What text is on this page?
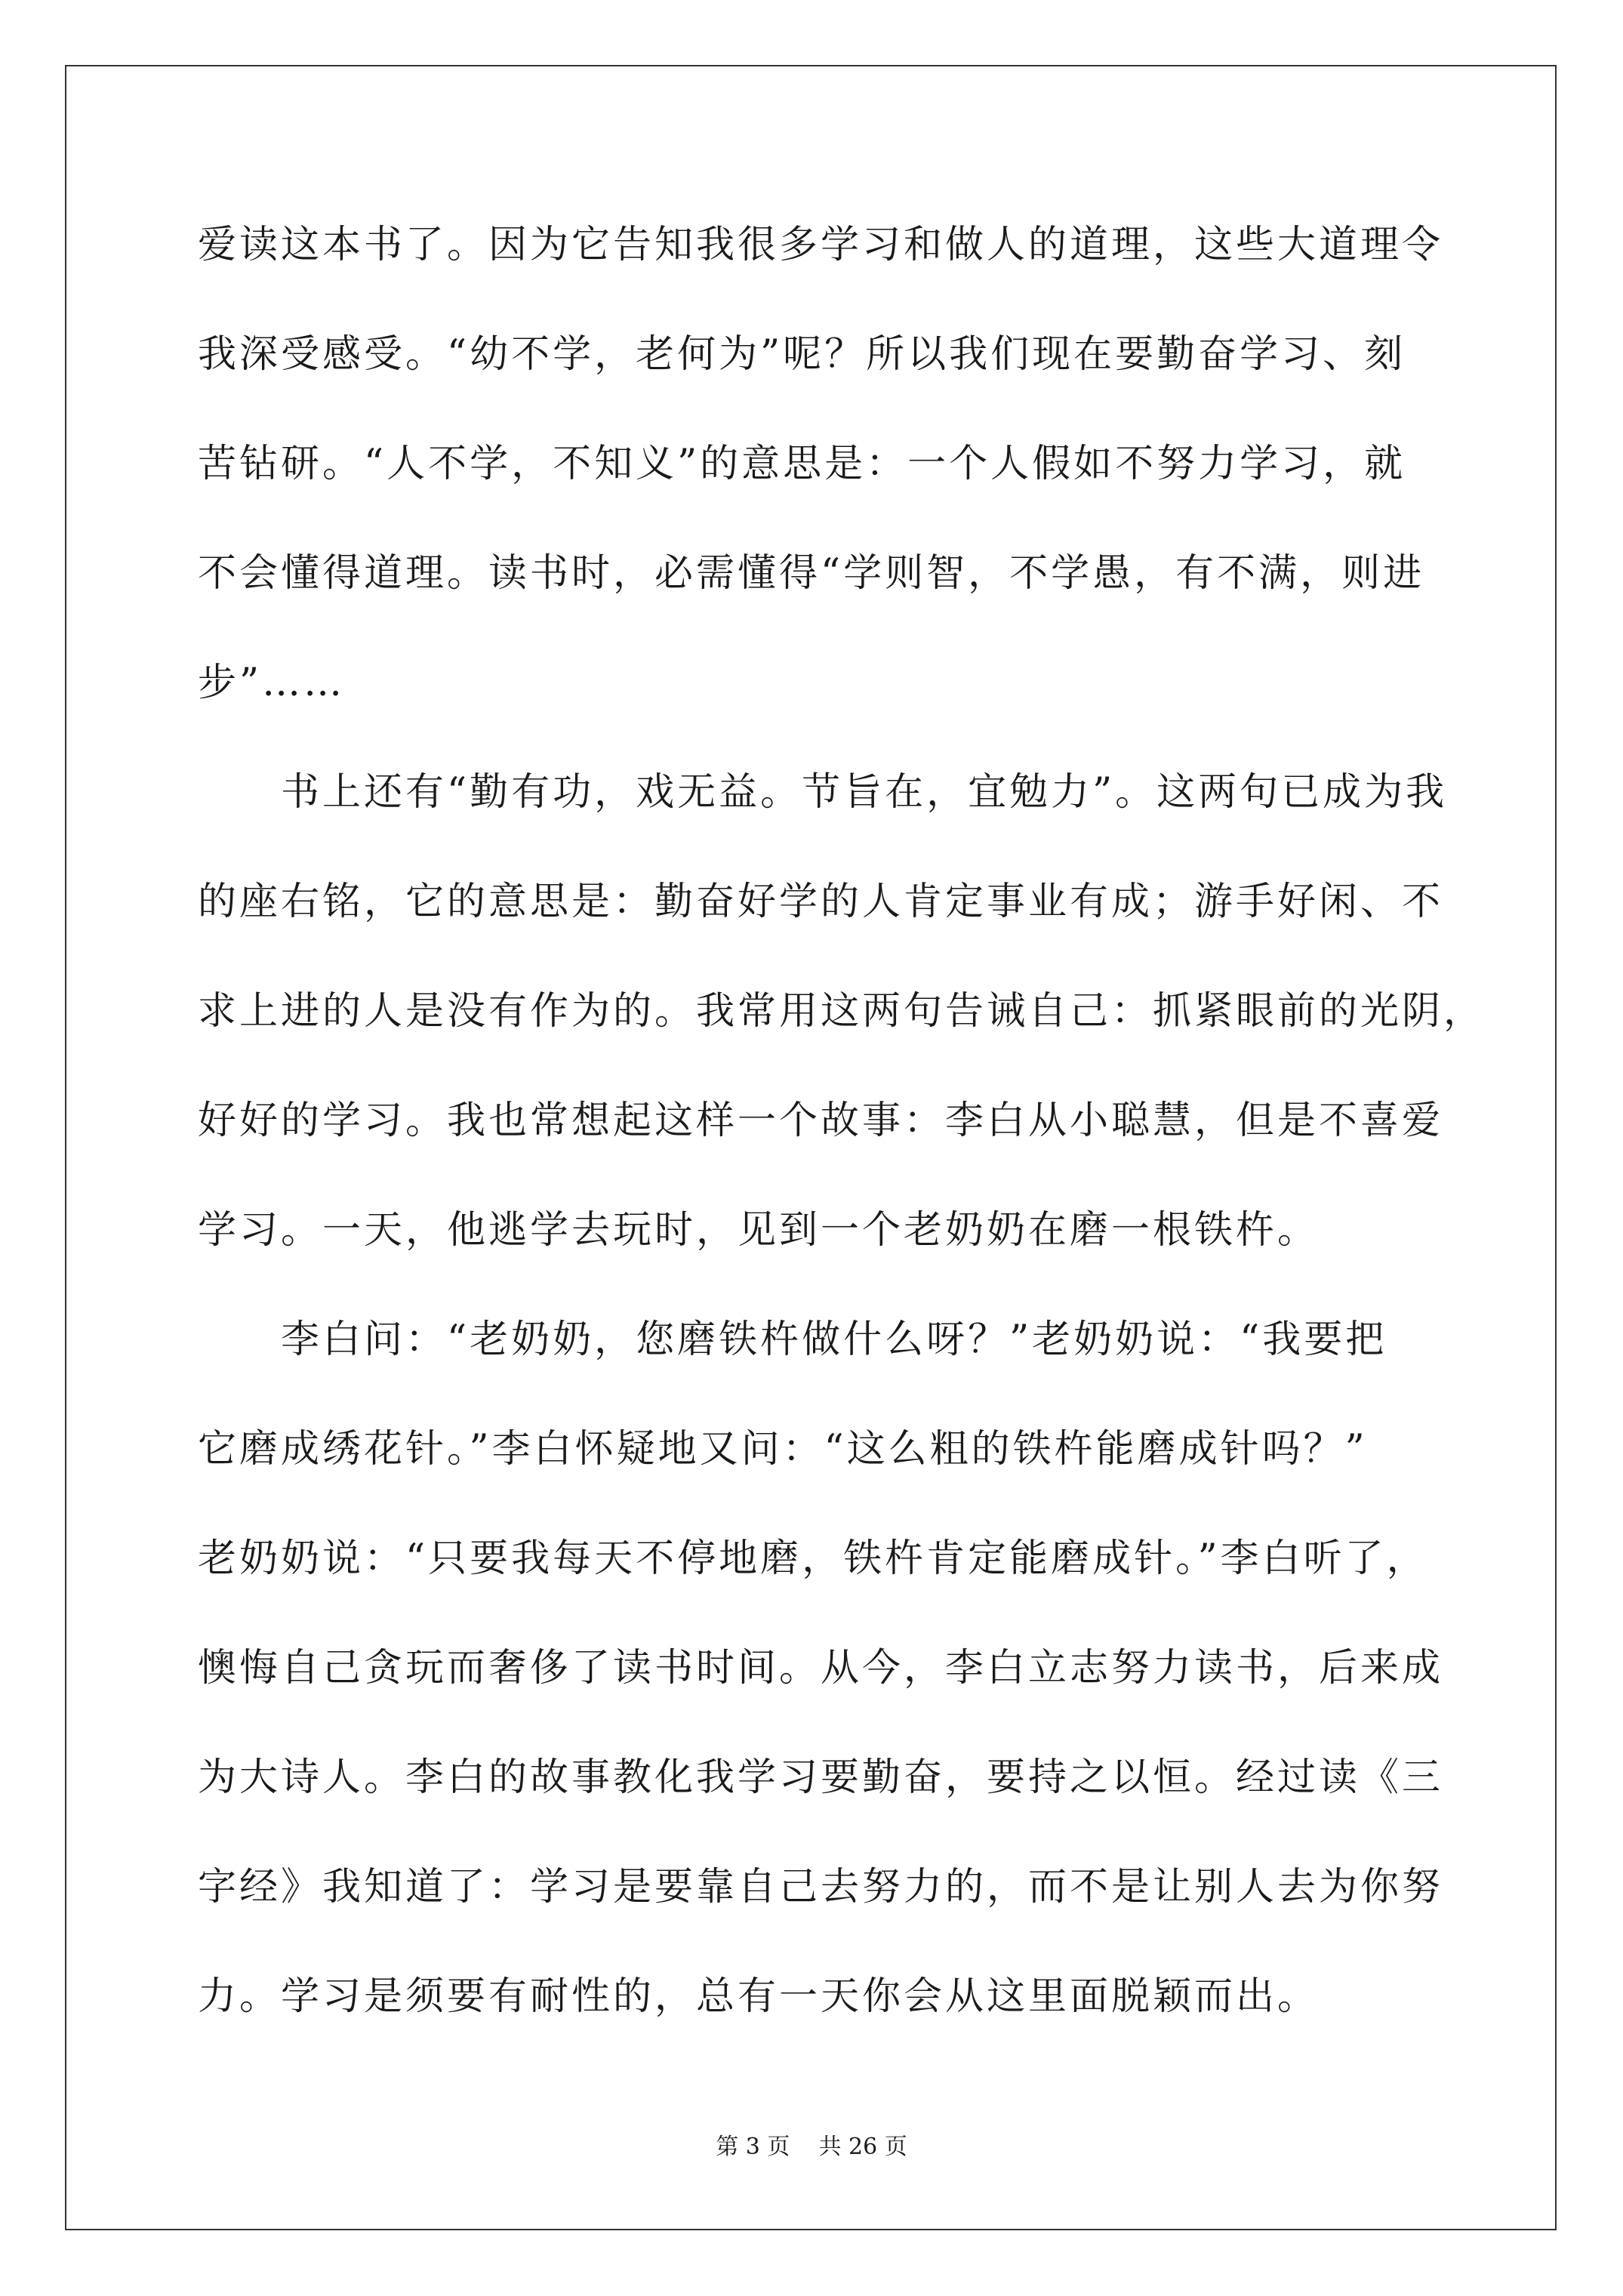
爱读这本书了。因为它告知我很多学习和做人的道理，这些大道理令
我深受感受。“幼不学，老何为”呢？所以我们现在要勤奋学习、刻
苦钻研。“人不学，不知义”的意思是：一个人假如不努力学习，就
不会懂得道理。读书时，必需懂得“学则智，不学愚，有不满，则进
步”……
书上还有“勤有功，戏无益。节旨在，宜勉力”。这两句已成为我
的座右铭，它的意思是：勤奋好学的人肯定事业有成；游手好闲、不
求上进的人是没有作为的。我常用这两句告诫自己：抓紧眼前的光阴，
好好的学习。我也常想起这样一个故事：李白从小聪慧，但是不喜爱
学习。一天，他逃学去玩时，见到一个老奶奶在磨一根铁杵。
李白问：“老奶奶，您磨铁杵做什么呀？”老奶奶说：“我要把
它磨成绣花针。”李白怀疑地又问：“这么粗的铁杵能磨成针吗？”
老奶奶说：“只要我每天不停地磨，铁杵肯定能磨成针。”李白听了，
懊悔自己贪玩而奢侈了读书时间。从今，李白立志努力读书，后来成
为大诗人。李白的故事教化我学习要勤奋，要持之以恒。经过读《三
字经》我知道了：学习是要靠自己去努力的，而不是让别人去为你努
力。学习是须要有耐性的，总有一天你会从这里面脱颖而出。
第 3 页    共 26 页
